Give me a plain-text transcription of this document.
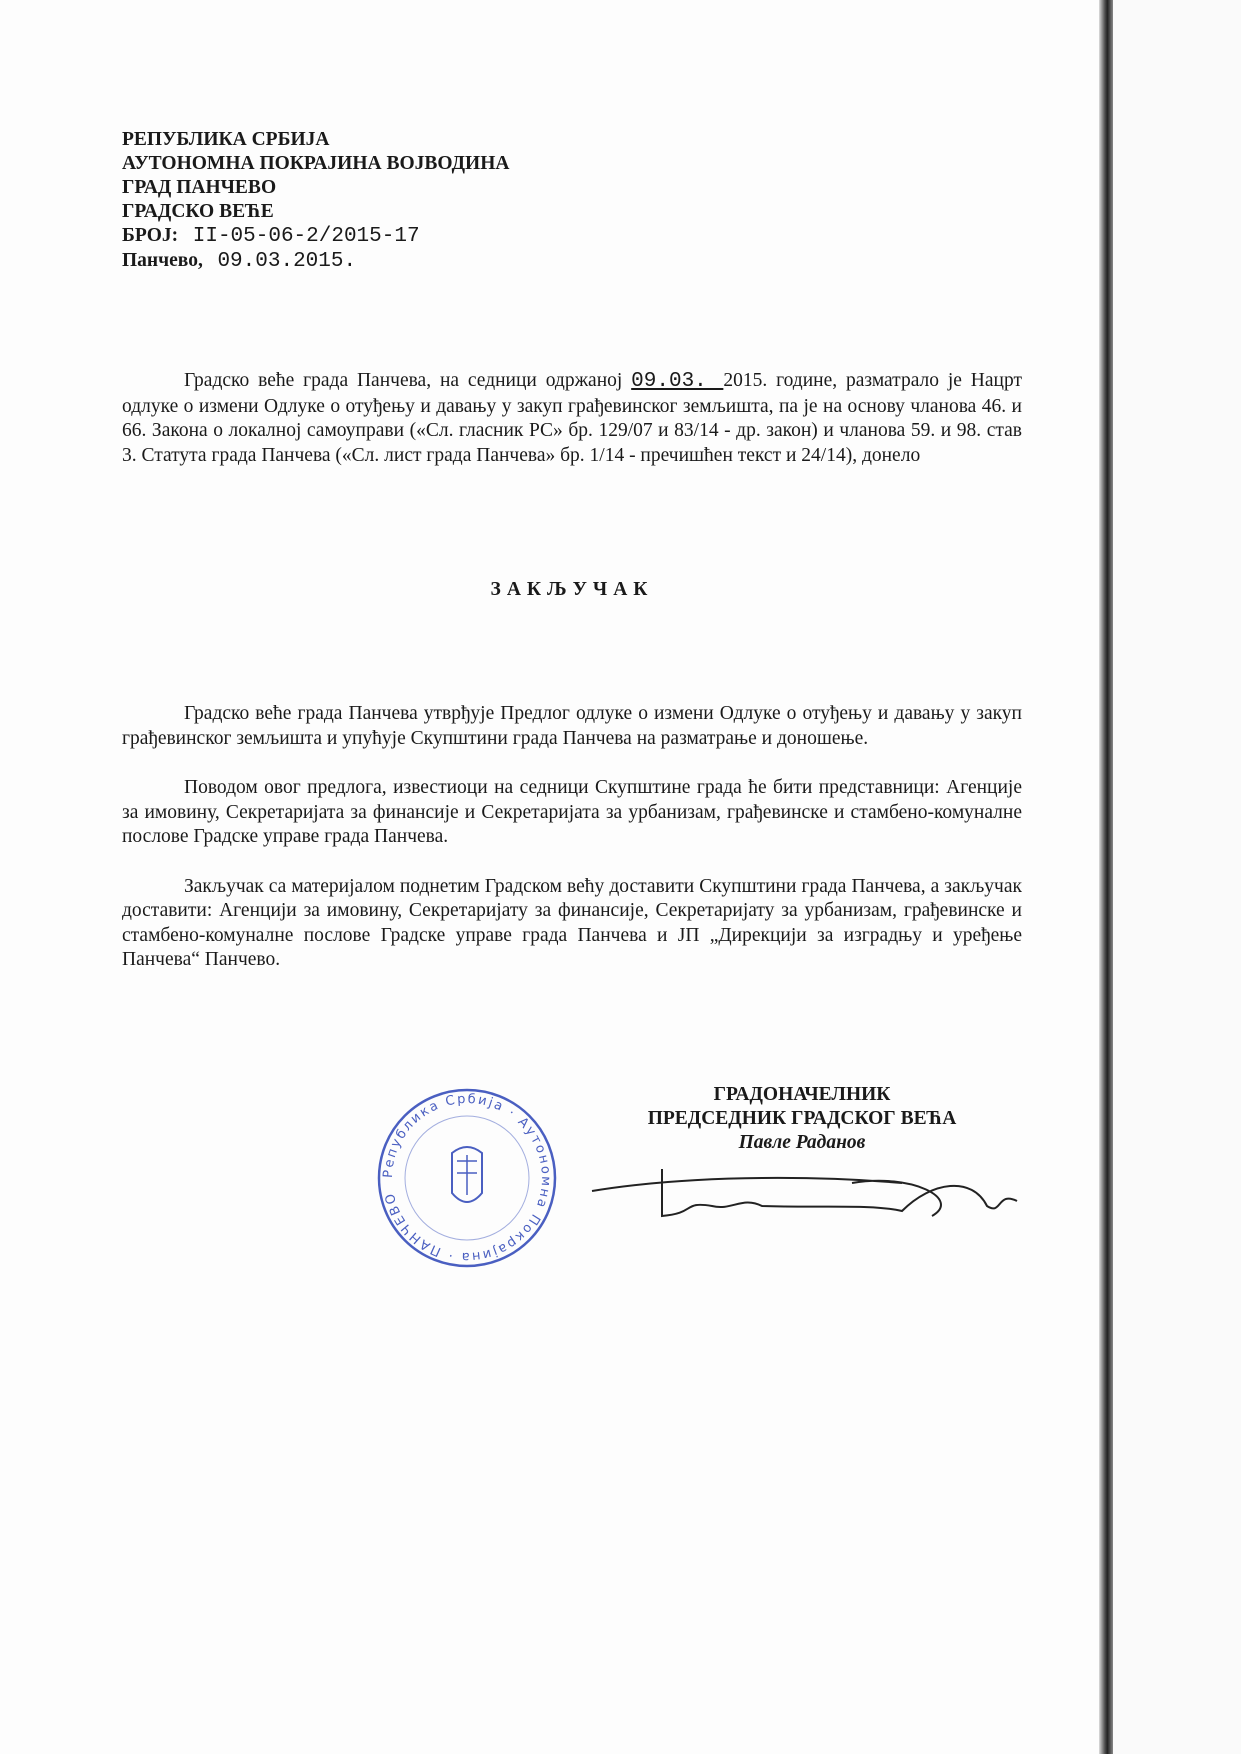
РЕПУБЛИКА СРБИЈА
АУТОНОМНА ПОКРАЈИНА ВОЈВОДИНА
ГРАД ПАНЧЕВО
ГРАДСКО ВЕЋЕ
БРОЈ: II-05-06-2/2015-17
Панчево, 09.03.2015.

Градско веће града Панчева, на седници одржаној 09.03. 2015. године, разматрало је Нацрт одлуке о измени Одлуке о отуђењу и давању у закуп грађевинског земљишта, па је на основу чланова 46. и 66. Закона о локалној самоуправи («Сл. гласник РС» бр. 129/07 и 83/14 - др. закон) и чланова 59. и 98. став 3. Статута града Панчева («Сл. лист града Панчева» бр. 1/14 - пречишћен текст и 24/14), донело

ЗАКЉУЧАК

Градско веће града Панчева утврђује Предлог одлуке о измени Одлуке о отуђењу и давању у закуп грађевинског земљишта и упућује Скупштини града Панчева на разматрање и доношење.

Поводом овог предлога, известиоци на седници Скупштине града ће бити представници: Агенције за имовину, Секретаријата за финансије и Секретаријата за урбанизам, грађевинске и стамбено-комуналне послове Градске управе града Панчева.

Закључак са материјалом поднетим Градском већу доставити Скупштини града Панчева, а закључак доставити: Агенцији за имовину, Секретаријату за финансије, Секретаријату за урбанизам, грађевинске и стамбено-комуналне послове Градске управе града Панчева и ЈП „Дирекцији за изградњу и уређење Панчева“ Панчево.

Република Србија · Аутономна Покрајина · ПАНЧЕВО
ГРАДОНАЧЕЛНИК
ПРЕДСЕДНИК ГРАДСКОГ ВЕЋА
Павле Раданов
